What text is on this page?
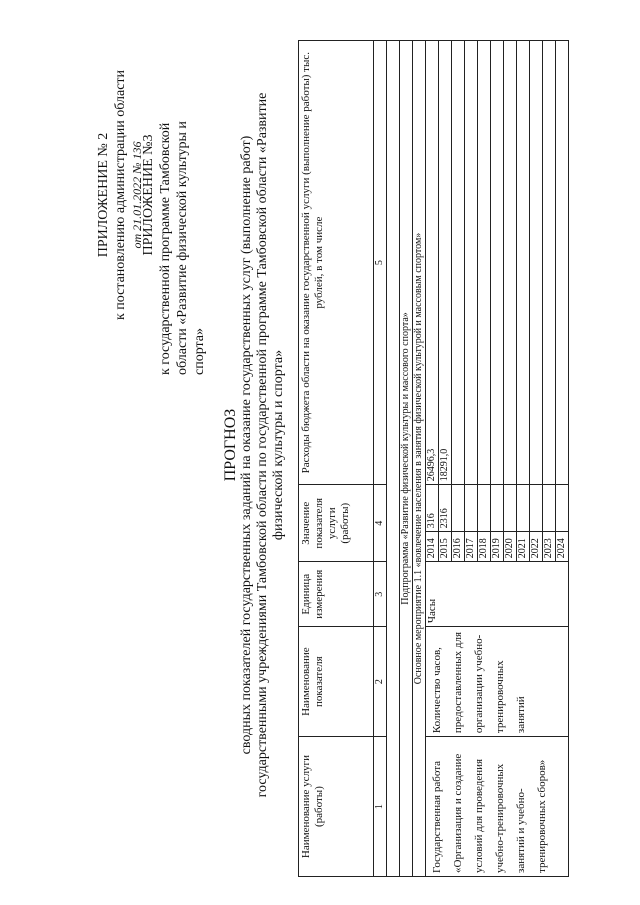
ПРИЛОЖЕНИЕ № 2 к постановлению администрации области от 21.01.2022 № 136
ПРИЛОЖЕНИЕ №3 к государственной программе Тамбовской области «Развитие физической культуры и спорта»
ПРОГНОЗ сводных показателей государственных заданий на оказание государственных услуг (выполнение работ) государственными учреждениями Тамбовской области по государственной программе Тамбовской области «Развитие физической культуры и спорта»
Наименование услуги (работы)	Наименование показателя	Единица измерения	Значение показателя услуги (работы)		Расходы бюджета области на оказание государственной услуги (выполнение работы) тыс. рублей, в том числе
1	2	3	4		5

Подпрограмма «Развитие физической культуры и массового спорта»					
Основное мероприятие 1.1 «вовлечение населения в занятия физической культурой и массовым спортом»					
Государственная работа «Организация и создание условий для проведения учебно-тренировочных занятий и учебно-тренировочных сборов»	Количество часов, предоставленных для организации учебно-тренировочных занятий	Часы	2014	316	26496,3
			2015	2316	18291,0
			2016		
			2017		
			2018		
			2019		
			2020		
			2021		
			2022		
			2023		
			2024		
